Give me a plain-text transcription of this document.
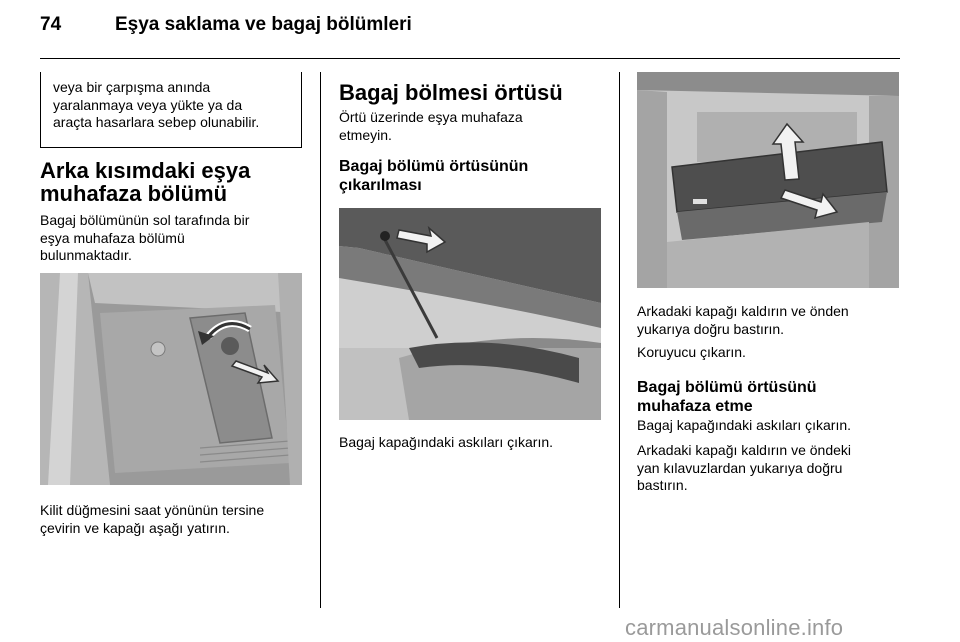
74	Eşya saklama ve bagaj bölümleri
veya bir çarpışma anında
yaralanmaya veya yükte ya da
araçta hasarlara sebep olunabilir.
Arka kısımdaki eşya
muhafaza bölümü
Bagaj bölümünün sol tarafında bir
eşya muhafaza bölümü
bulunmaktadır.
Kilit düğmesini saat yönünün tersine
çevirin ve kapağı aşağı yatırın.
Bagaj bölmesi örtüsü
Örtü üzerinde eşya muhafaza
etmeyin.
Bagaj bölümü örtüsünün
çıkarılması
Bagaj kapağındaki askıları çıkarın.
Arkadaki kapağı kaldırın ve önden
yukarıya doğru bastırın.
Koruyucu çıkarın.
Bagaj bölümü örtüsünü
muhafaza etme
Bagaj kapağındaki askıları çıkarın.
Arkadaki kapağı kaldırın ve öndeki
yan kılavuzlardan yukarıya doğru
bastırın.
carmanualsonline.info
